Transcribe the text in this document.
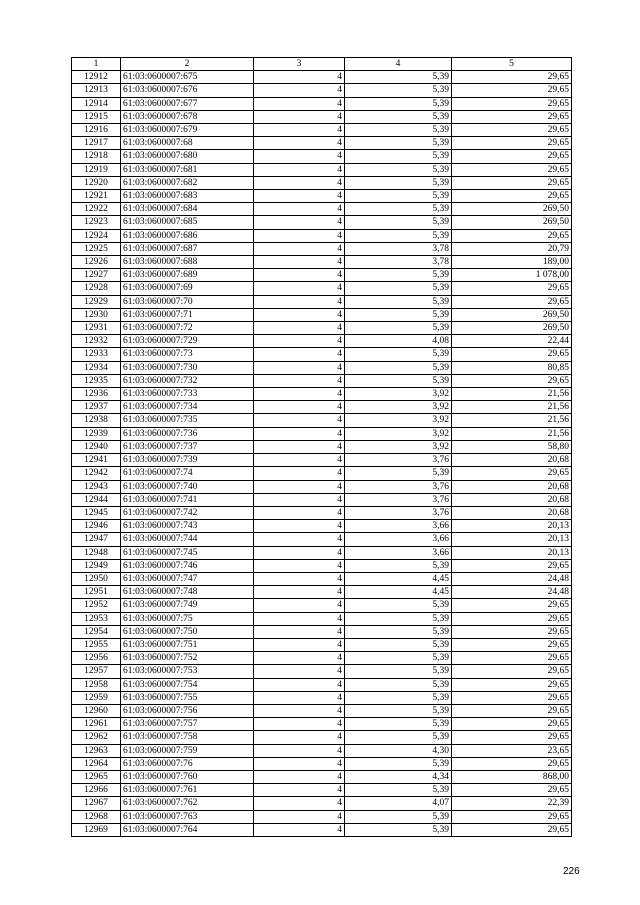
1	2	3	4	5
12912	61:03:0600007:675	4	5,39	29,65
12913	61:03:0600007:676	4	5,39	29,65
12914	61:03:0600007:677	4	5,39	29,65
12915	61:03:0600007:678	4	5,39	29,65
12916	61:03:0600007:679	4	5,39	29,65
12917	61:03:0600007:68	4	5,39	29,65
12918	61:03:0600007:680	4	5,39	29,65
12919	61:03:0600007:681	4	5,39	29,65
12920	61:03:0600007:682	4	5,39	29,65
12921	61:03:0600007:683	4	5,39	29,65
12922	61:03:0600007:684	4	5,39	269,50
12923	61:03:0600007:685	4	5,39	269,50
12924	61:03:0600007:686	4	5,39	29,65
12925	61:03:0600007:687	4	3,78	20,79
12926	61:03:0600007:688	4	3,78	189,00
12927	61:03:0600007:689	4	5,39	1 078,00
12928	61:03:0600007:69	4	5,39	29,65
12929	61:03:0600007:70	4	5,39	29,65
12930	61:03:0600007:71	4	5,39	269,50
12931	61:03:0600007:72	4	5,39	269,50
12932	61:03:0600007:729	4	4,08	22,44
12933	61:03:0600007:73	4	5,39	29,65
12934	61:03:0600007:730	4	5,39	80,85
12935	61:03:0600007:732	4	5,39	29,65
12936	61:03:0600007:733	4	3,92	21,56
12937	61:03:0600007:734	4	3,92	21,56
12938	61:03:0600007:735	4	3,92	21,56
12939	61:03:0600007:736	4	3,92	21,56
12940	61:03:0600007:737	4	3,92	58,80
12941	61:03:0600007:739	4	3,76	20,68
12942	61:03:0600007:74	4	5,39	29,65
12943	61:03:0600007:740	4	3,76	20,68
12944	61:03:0600007:741	4	3,76	20,68
12945	61:03:0600007:742	4	3,76	20,68
12946	61:03:0600007:743	4	3,66	20,13
12947	61:03:0600007:744	4	3,66	20,13
12948	61:03:0600007:745	4	3,66	20,13
12949	61:03:0600007:746	4	5,39	29,65
12950	61:03:0600007:747	4	4,45	24,48
12951	61:03:0600007:748	4	4,45	24,48
12952	61:03:0600007:749	4	5,39	29,65
12953	61:03:0600007:75	4	5,39	29,65
12954	61:03:0600007:750	4	5,39	29,65
12955	61:03:0600007:751	4	5,39	29,65
12956	61:03:0600007:752	4	5,39	29,65
12957	61:03:0600007:753	4	5,39	29,65
12958	61:03:0600007:754	4	5,39	29,65
12959	61:03:0600007:755	4	5,39	29,65
12960	61:03:0600007:756	4	5,39	29,65
12961	61:03:0600007:757	4	5,39	29,65
12962	61:03:0600007:758	4	5,39	29,65
12963	61:03:0600007:759	4	4,30	23,65
12964	61:03:0600007:76	4	5,39	29,65
12965	61:03:0600007:760	4	4,34	868,00
12966	61:03:0600007:761	4	5,39	29,65
12967	61:03:0600007:762	4	4,07	22,39
12968	61:03:0600007:763	4	5,39	29,65
12969	61:03:0600007:764	4	5,39	29,65
226
